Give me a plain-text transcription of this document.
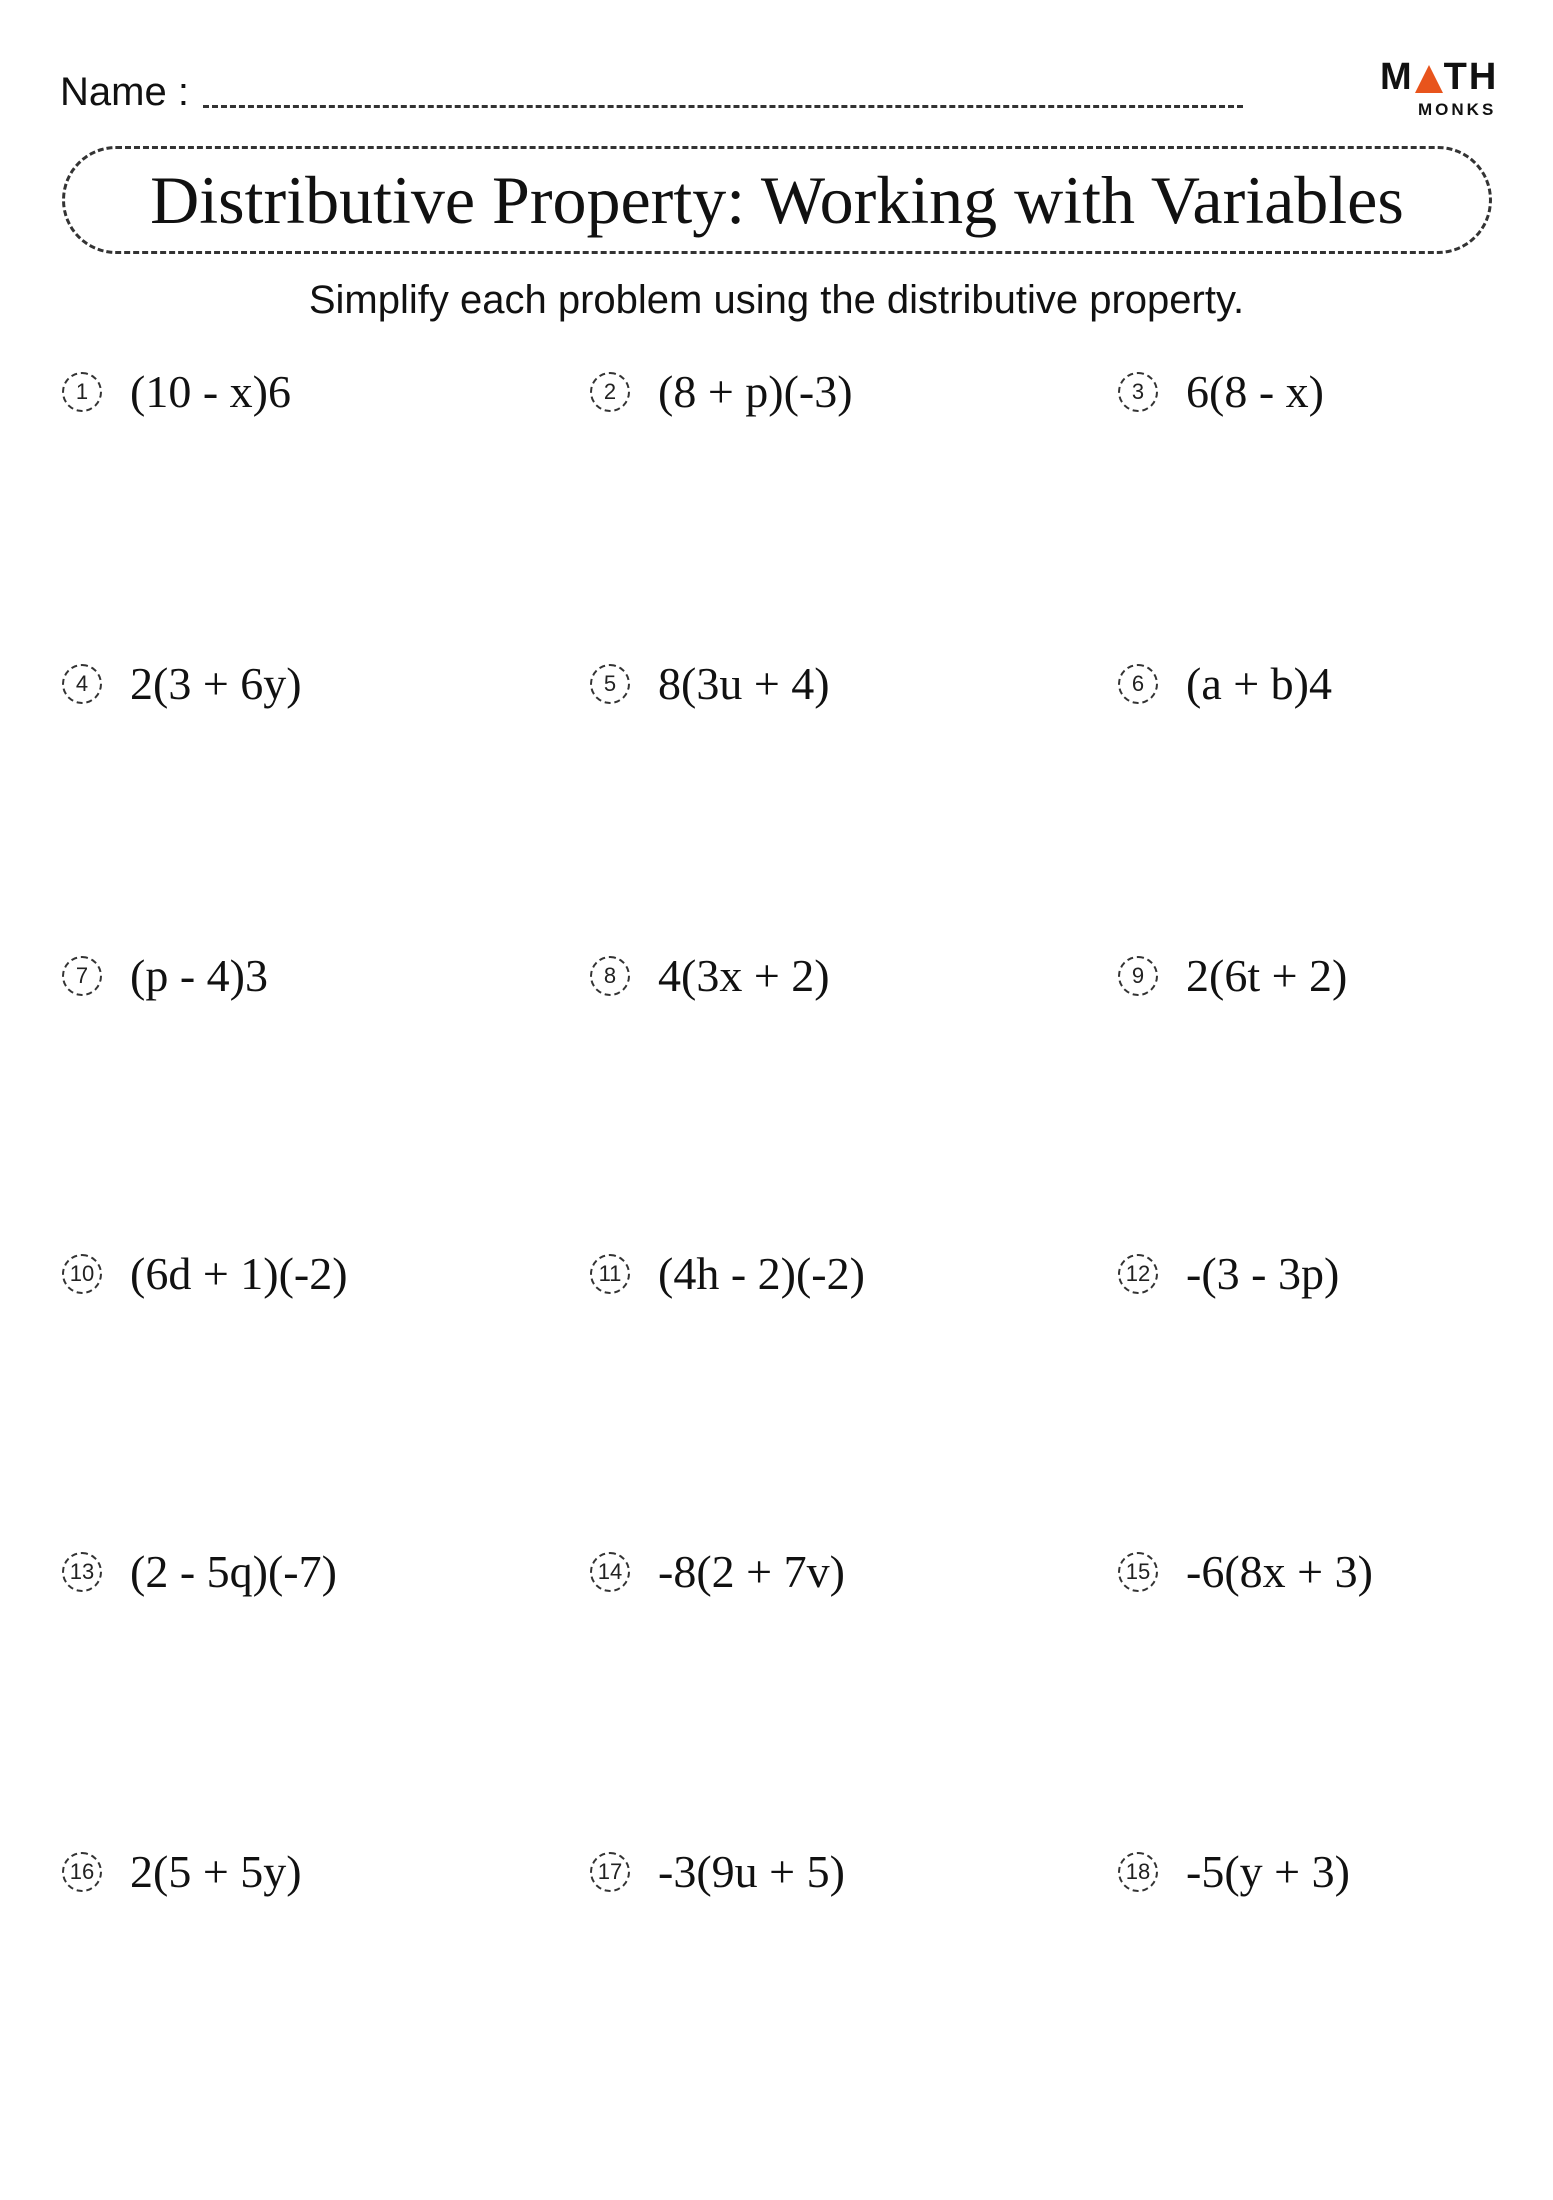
Name :	M TH
MONKS
Distributive Property: Working with Variables
Simplify each problem using the distributive property.
1 (10 - x)6	2 (8 + p)(-3)	3 6(8 - x)
4 2(3 + 6y)	5 8(3u + 4)	6 (a + b)4
7 (p - 4)3	8 4(3x + 2)	9 2(6t + 2)
10 (6d + 1)(-2)	11 (4h - 2)(-2)	12 -(3 - 3p)
13 (2 - 5q)(-7)	14 -8(2 + 7v)	15 -6(8x + 3)
16 2(5 + 5y)	17 -3(9u + 5)	18 -5(y + 3)
